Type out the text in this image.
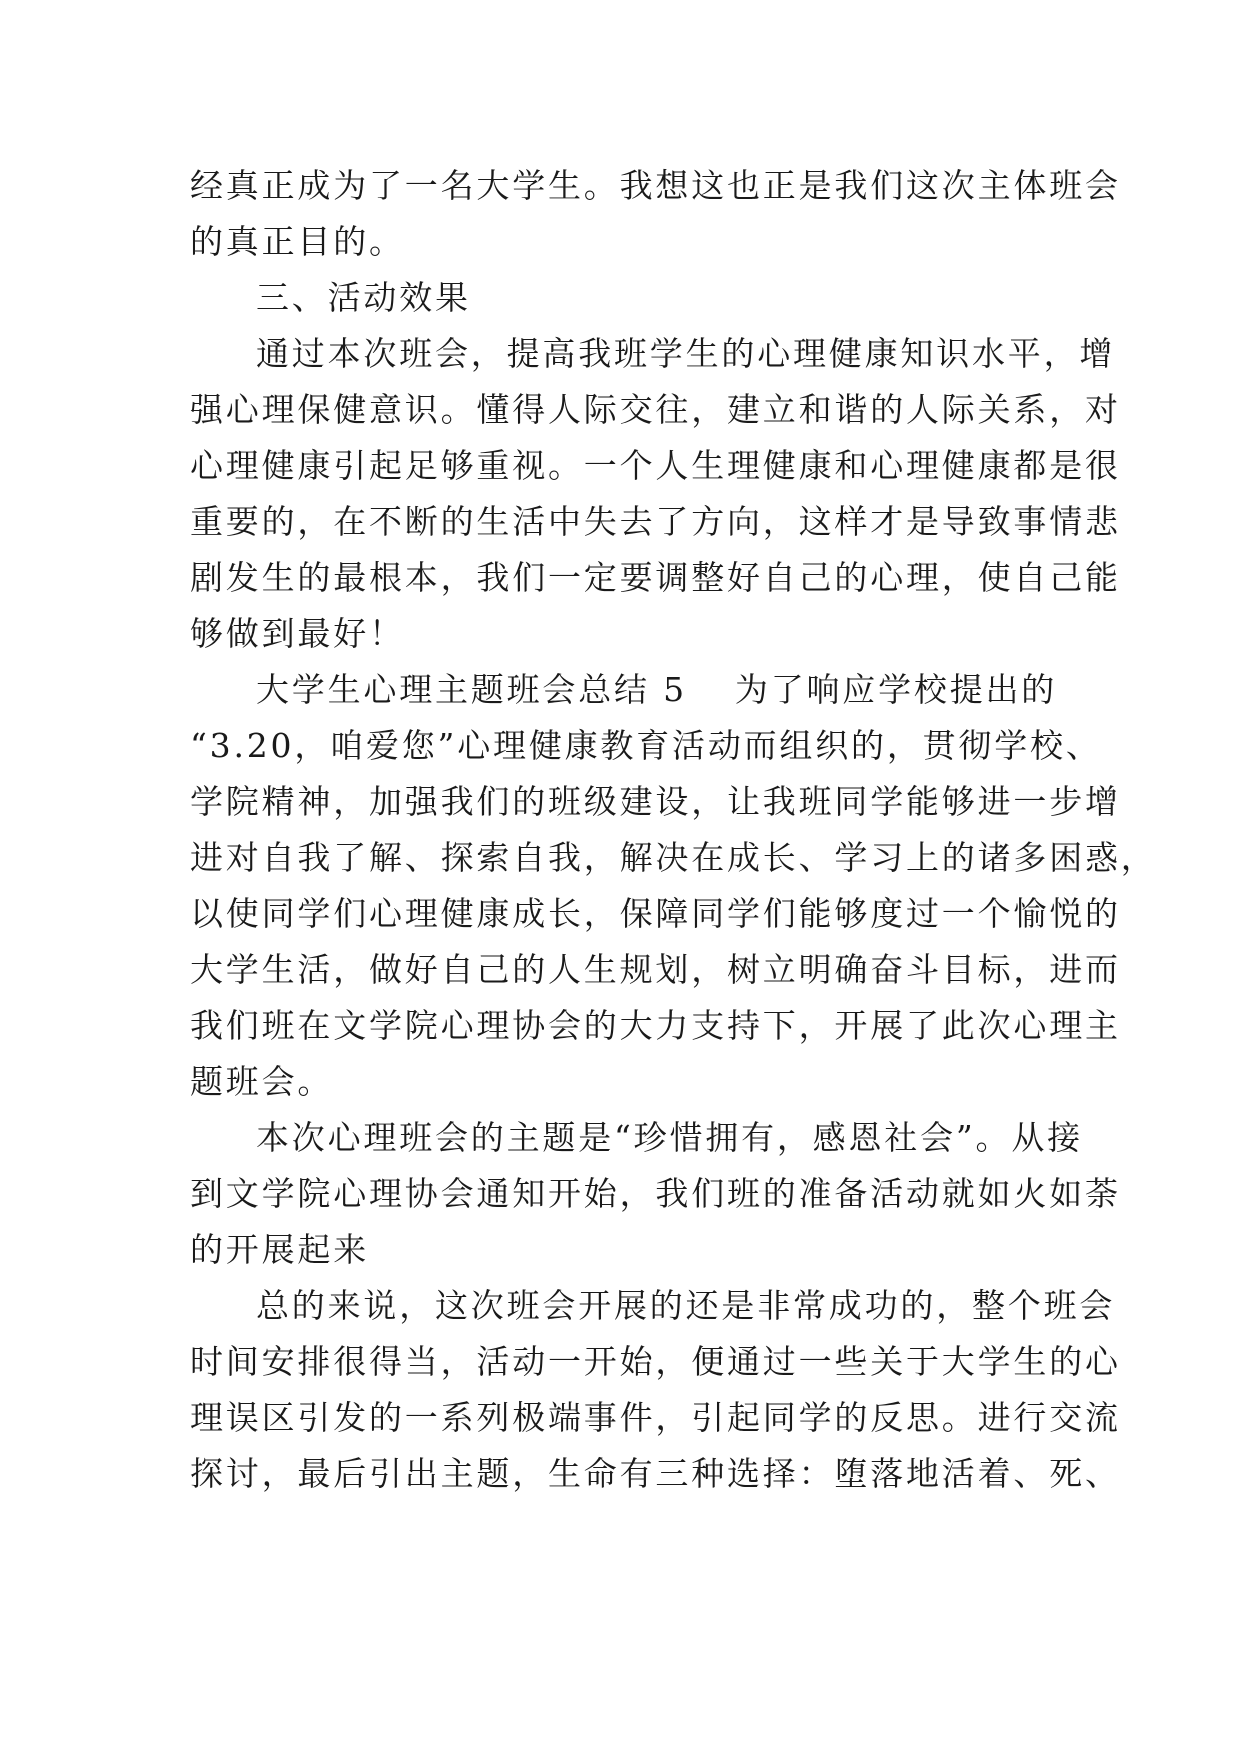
经真正成为了一名大学生。我想这也正是我们这次主体班会
的真正目的。
三、活动效果
通过本次班会，提高我班学生的心理健康知识水平，增
强心理保健意识。懂得人际交往，建立和谐的人际关系，对
心理健康引起足够重视。一个人生理健康和心理健康都是很
重要的，在不断的生活中失去了方向，这样才是导致事情悲
剧发生的最根本，我们一定要调整好自己的心理，使自己能
够做到最好！
大学生心理主题班会总结 5 为了响应学校提出的
“3.20，咱爱您”心理健康教育活动而组织的，贯彻学校、
学院精神，加强我们的班级建设，让我班同学能够进一步增
进对自我了解、探索自我，解决在成长、学习上的诸多困惑，
以使同学们心理健康成长，保障同学们能够度过一个愉悦的
大学生活，做好自己的人生规划，树立明确奋斗目标，进而
我们班在文学院心理协会的大力支持下，开展了此次心理主
题班会。
本次心理班会的主题是“珍惜拥有，感恩社会”。从接
到文学院心理协会通知开始，我们班的准备活动就如火如荼
的开展起来
总的来说，这次班会开展的还是非常成功的，整个班会
时间安排很得当，活动一开始，便通过一些关于大学生的心
理误区引发的一系列极端事件，引起同学的反思。进行交流
探讨，最后引出主题，生命有三种选择：堕落地活着、死、
